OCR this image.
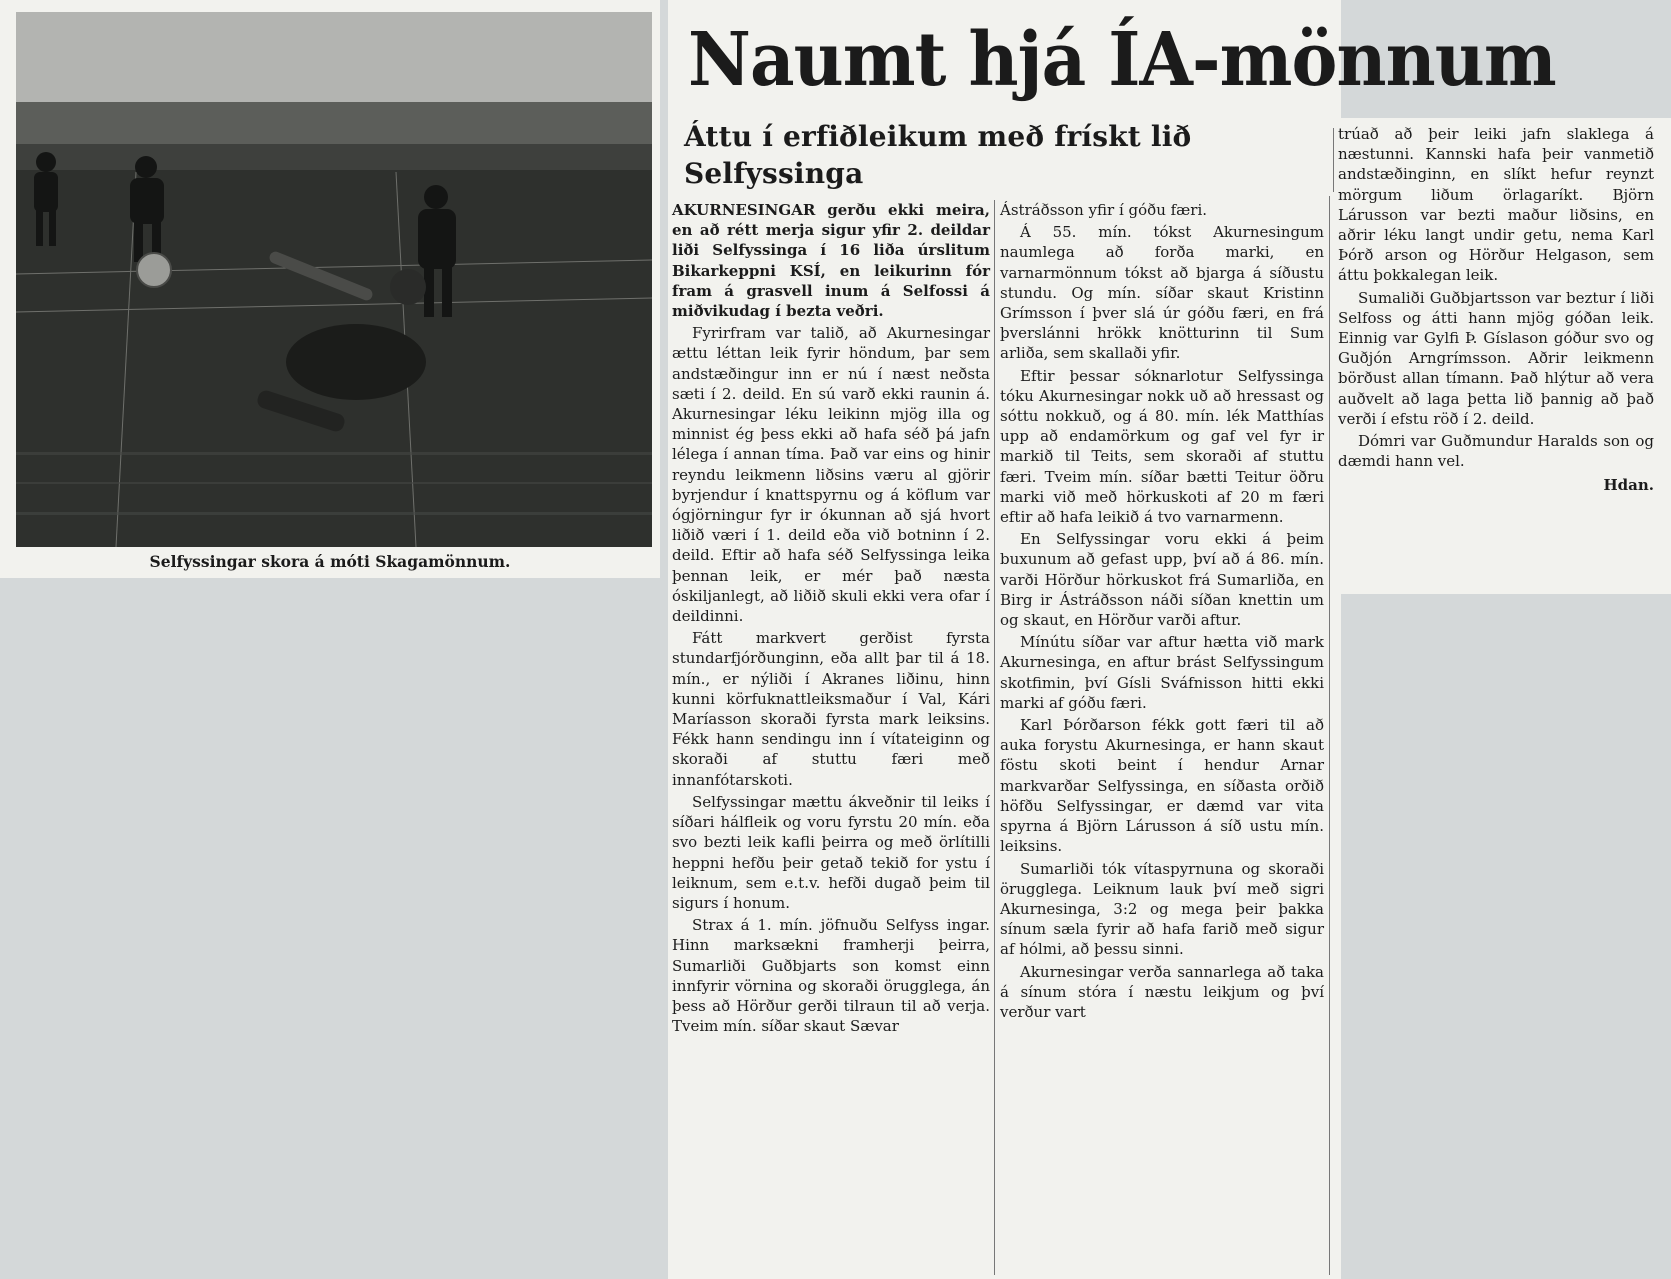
Selfyssingar skora á móti Skagamönnum.
Naumt hjá ÍA-mönnum
Áttu í erfiðleikum með frískt lið Selfyssinga

AKURNESINGAR gerðu ekki meira, en að rétt merja sigur yfir 2. deildar liði Selfyssinga í 16 liða úrslitum Bikarkeppni KSÍ, en leikurinn fór fram á grasvell inum á Selfossi á miðvikudag í bezta veðri.

Fyrirfram var talið, að Akurnesingar ættu léttan leik fyrir höndum, þar sem andstæðingur inn er nú í næst neðsta sæti í 2. deild. En sú varð ekki raunin á. Akurnesingar léku leikinn mjög illa og minnist ég þess ekki að hafa séð þá jafn lélega í annan tíma. Það var eins og hinir reyndu leikmenn liðsins væru al gjörir byrjendur í knattspyrnu og á köflum var ógjörningur fyr ir ókunnan að sjá hvort liðið væri í 1. deild eða við botninn í 2. deild. Eftir að hafa séð Selfyssinga leika þennan leik, er mér það næsta óskiljanlegt, að liðið skuli ekki vera ofar í deildinni.

Fátt markvert gerðist fyrsta stundarfjórðunginn, eða allt þar til á 18. mín., er nýliði í Akranes liðinu, hinn kunni körfuknattleiksmaður í Val, Kári Maríasson skoraði fyrsta mark leiksins. Fékk hann sendingu inn í vítateiginn og skoraði af stuttu færi með innanfótarskoti.

Selfyssingar mættu ákveðnir til leiks í síðari hálfleik og voru fyrstu 20 mín. eða svo bezti leik kafli þeirra og með örlítilli heppni hefðu þeir getað tekið for ystu í leiknum, sem e.t.v. hefði dugað þeim til sigurs í honum.

Strax á 1. mín. jöfnuðu Selfyss ingar. Hinn marksækni framherji þeirra, Sumarliði Guðbjarts son komst einn innfyrir vörnina og skoraði örugglega, án þess að Hörður gerði tilraun til að verja. Tveim mín. síðar skaut Sævar

Ástráðsson yfir í góðu færi.

Á 55. mín. tókst Akurnesingum naumlega að forða marki, en varnarmönnum tókst að bjarga á síðustu stundu. Og mín. síðar skaut Kristinn Grímsson í þver slá úr góðu færi, en frá þverslánni hrökk knötturinn til Sum arliða, sem skallaði yfir.

Eftir þessar sóknarlotur Selfyssinga tóku Akurnesingar nokk uð að hressast og sóttu nokkuð, og á 80. mín. lék Matthías upp að endamörkum og gaf vel fyr ir markið til Teits, sem skoraði af stuttu færi. Tveim mín. síðar bætti Teitur öðru marki við með hörkuskoti af 20 m færi eftir að hafa leikið á tvo varnarmenn.

En Selfyssingar voru ekki á þeim buxunum að gefast upp, því að á 86. mín. varði Hörður hörkuskot frá Sumarliða, en Birg ir Ástráðsson náði síðan knettin um og skaut, en Hörður varði aftur.

Mínútu síðar var aftur hætta við mark Akurnesinga, en aftur brást Selfyssingum skotfimin, því Gísli Sváfnisson hitti ekki marki af góðu færi.

Karl Þórðarson fékk gott færi til að auka forystu Akurnesinga, er hann skaut föstu skoti beint í hendur Arnar markvarðar Selfyssinga, en síðasta orðið höfðu Selfyssingar, er dæmd var vita spyrna á Björn Lárusson á síð ustu mín. leiksins.

Sumarliði tók vítaspyrnuna og skoraði örugglega. Leiknum lauk því með sigri Akurnesinga, 3:2 og mega þeir þakka sínum sæla fyrir að hafa farið með sigur af hólmi, að þessu sinni.

Akurnesingar verða sannarlega að taka á sínum stóra í næstu leikjum og því verður vart

trúað að þeir leiki jafn slaklega á næstunni. Kannski hafa þeir vanmetið andstæðinginn, en slíkt hefur reynzt mörgum liðum örlagaríkt. Björn Lárusson var bezti maður liðsins, en aðrir léku langt undir getu, nema Karl Þórð arson og Hörður Helgason, sem áttu þokkalegan leik.

Sumaliði Guðbjartsson var beztur í liði Selfoss og átti hann mjög góðan leik. Einnig var Gylfi Þ. Gíslason góður svo og Guðjón Arngrímsson. Aðrir leikmenn börðust allan tímann. Það hlýtur að vera auðvelt að laga þetta lið þannig að það verði í efstu röð í 2. deild.

Dómri var Guðmundur Haralds son og dæmdi hann vel.

Hdan.
